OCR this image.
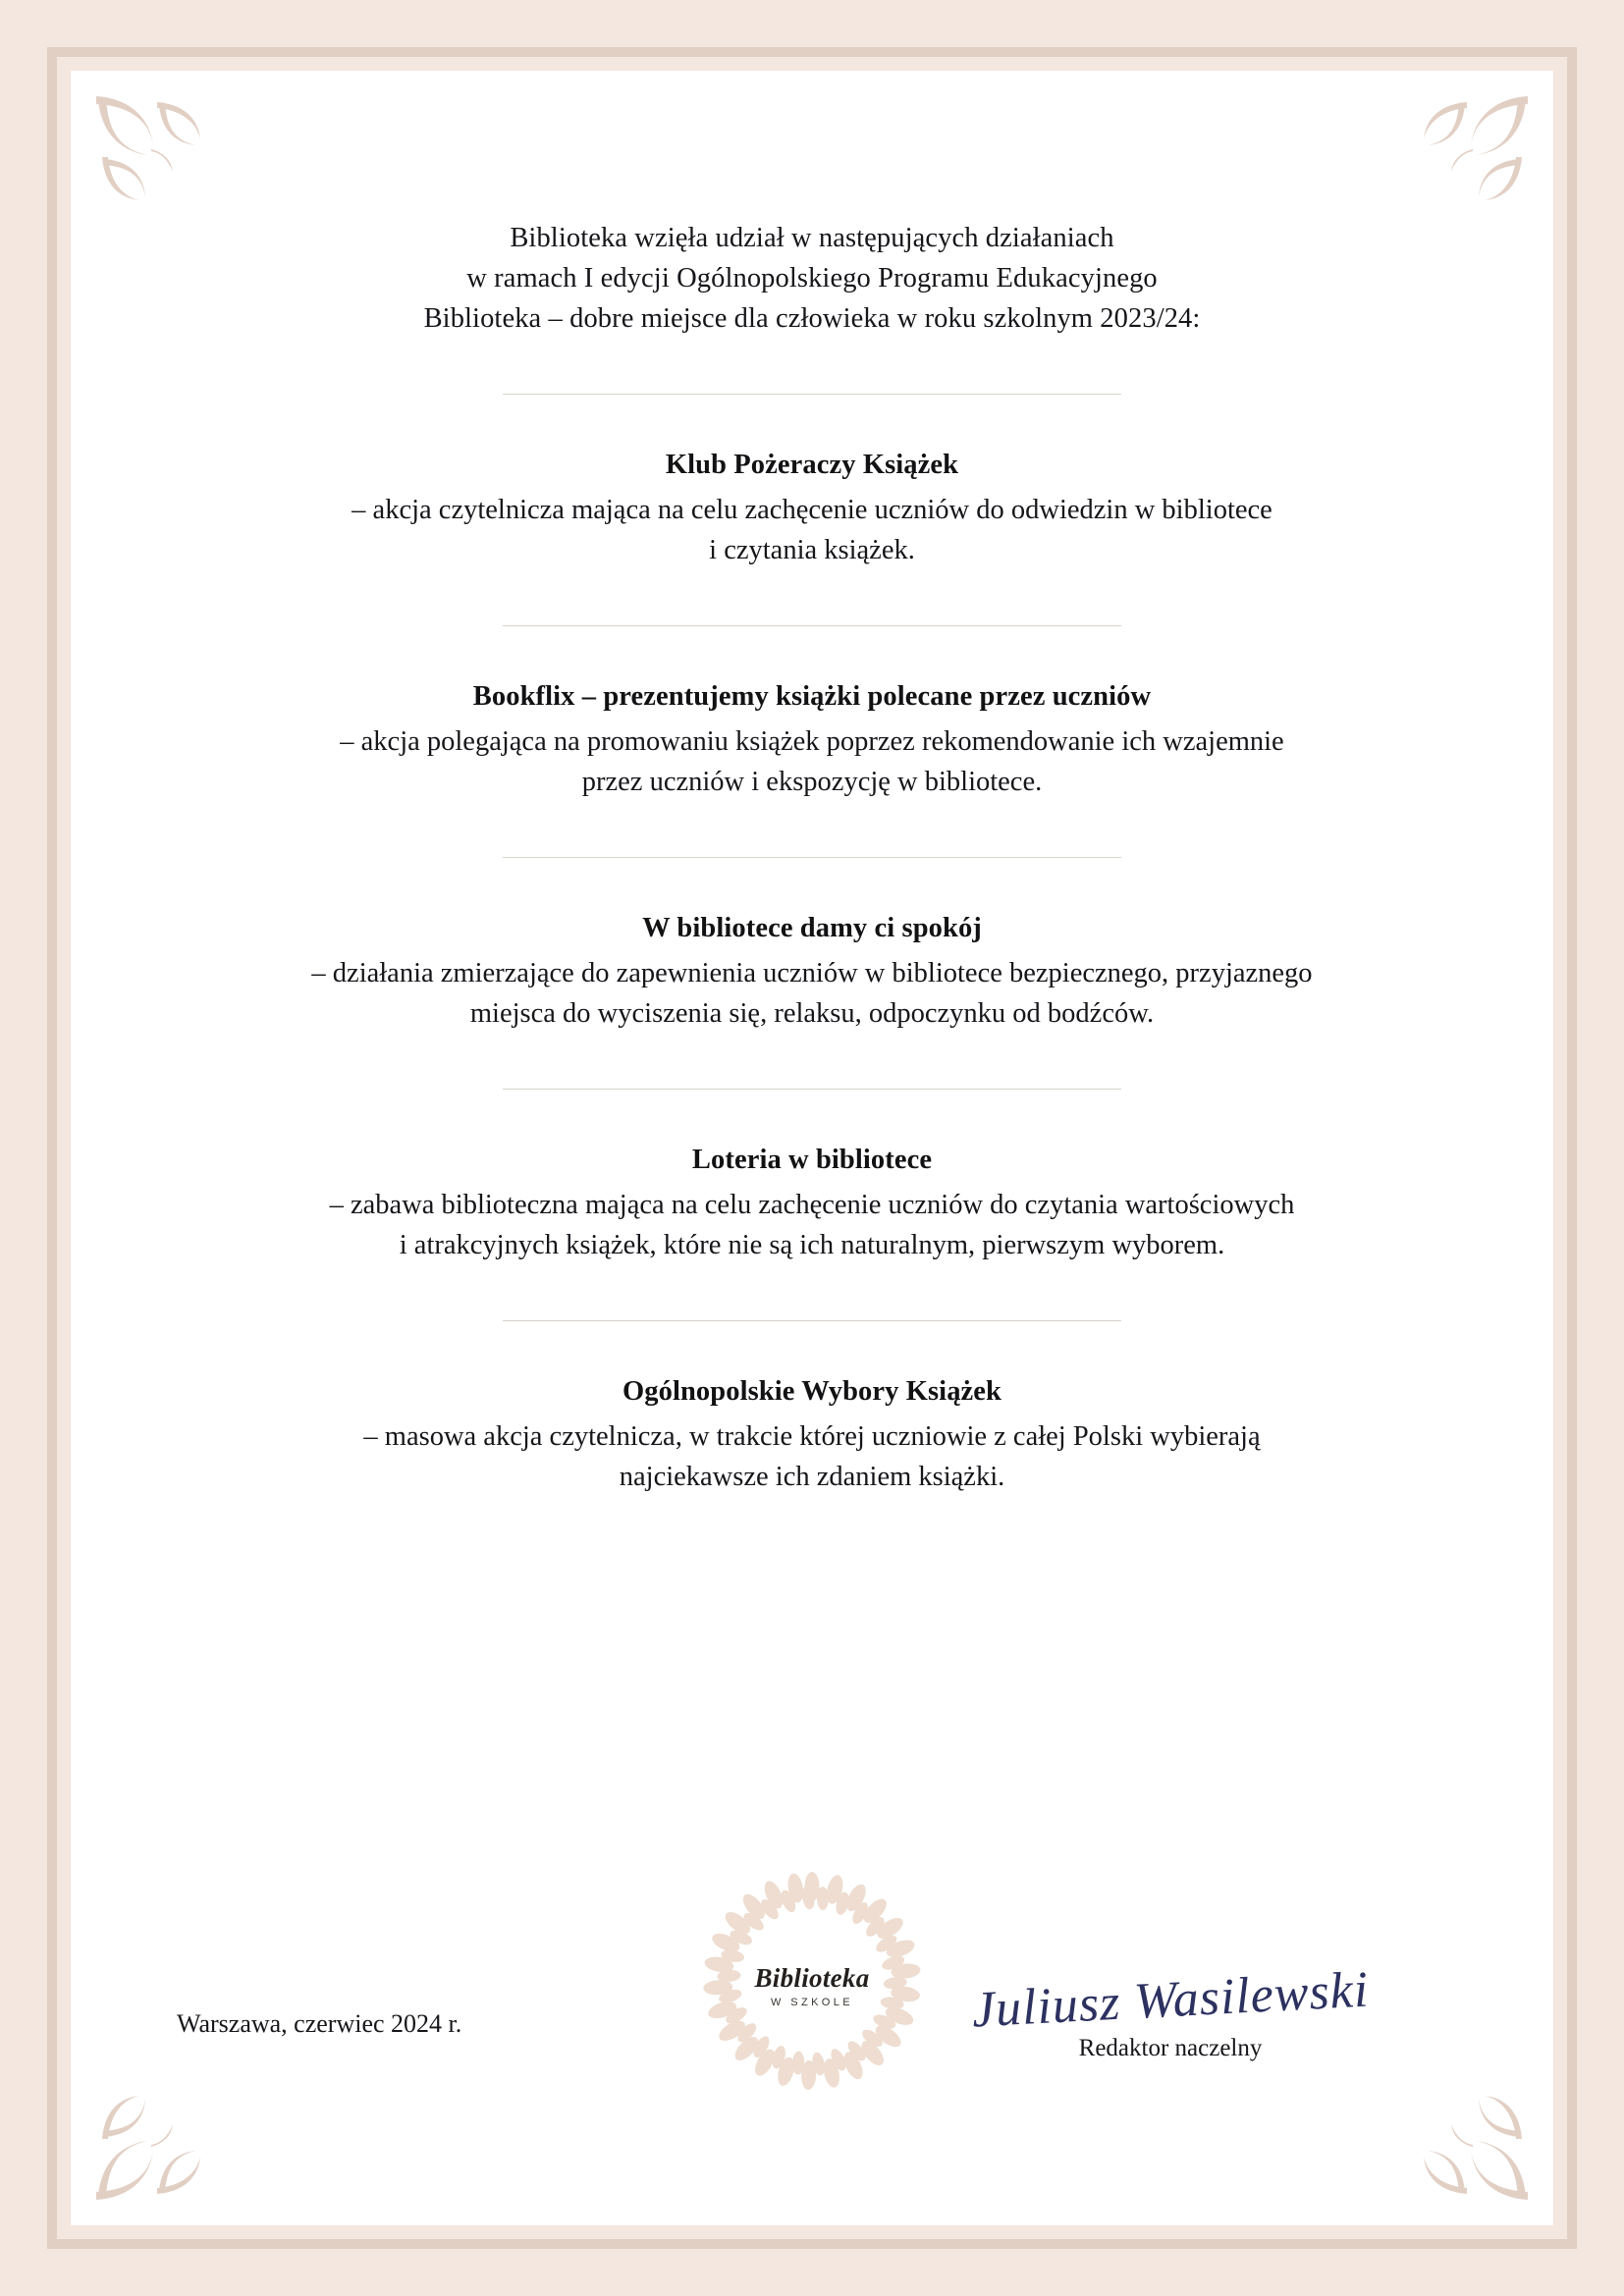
Biblioteka wzięła udział w następujących działaniach
w ramach I edycji Ogólnopolskiego Programu Edukacyjnego
Biblioteka – dobre miejsce dla człowieka w roku szkolnym 2023/24:
Klub Pożeraczy Książek
– akcja czytelnicza mająca na celu zachęcenie uczniów do odwiedzin w bibliotece
i czytania książek.
Bookflix – prezentujemy książki polecane przez uczniów
– akcja polegająca na promowaniu książek poprzez rekomendowanie ich wzajemnie
przez uczniów i ekspozycję w bibliotece.
W bibliotece damy ci spokój
– działania zmierzające do zapewnienia uczniów w bibliotece bezpiecznego, przyjaznego
miejsca do wyciszenia się, relaksu, odpoczynku od bodźców.
Loteria w bibliotece
– zabawa biblioteczna mająca na celu zachęcenie uczniów do czytania wartościowych
i atrakcyjnych książek, które nie są ich naturalnym, pierwszym wyborem.
Ogólnopolskie Wybory Książek
– masowa akcja czytelnicza, w trakcie której uczniowie z całej Polski wybierają
najciekawsze ich zdaniem książki.
Warszawa, czerwiec 2024 r.
Biblioteka
W SZKOLE	Juliusz Wasilewski
Redaktor naczelny
